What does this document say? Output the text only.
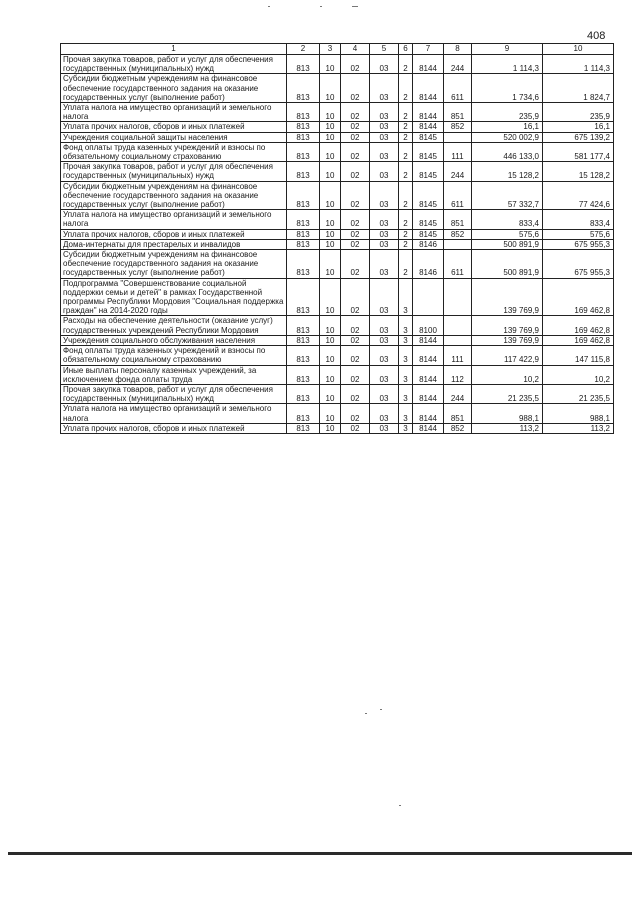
408
1	2	3	4	5	6	7	8	9	10
Прочая закупка товаров, работ и услуг для обеспечения государственных (муниципальных) нужд	813	10	02	03	2	8144	244	1 114,3	1 114,3
Субсидии бюджетным учреждениям на финансовое обеспечение государственного задания на оказание государственных услуг (выполнение работ)	813	10	02	03	2	8144	611	1 734,6	1 824,7
Уплата налога на имущество организаций и земельного налога	813	10	02	03	2	8144	851	235,9	235,9
Уплата прочих налогов, сборов и иных платежей	813	10	02	03	2	8144	852	16,1	16,1
Учреждения социальной защиты населения	813	10	02	03	2	8145		520 002,9	675 139,2
Фонд оплаты труда казенных учреждений и взносы по обязательному социальному страхованию	813	10	02	03	2	8145	111	446 133,0	581 177,4
Прочая закупка товаров, работ и услуг для обеспечения государственных (муниципальных) нужд	813	10	02	03	2	8145	244	15 128,2	15 128,2
Субсидии бюджетным учреждениям на финансовое обеспечение государственного задания на оказание государственных услуг (выполнение работ)	813	10	02	03	2	8145	611	57 332,7	77 424,6
Уплата налога на имущество организаций и земельного налога	813	10	02	03	2	8145	851	833,4	833,4
Уплата прочих налогов, сборов и иных платежей	813	10	02	03	2	8145	852	575,6	575,6
Дома-интернаты для престарелых и инвалидов	813	10	02	03	2	8146		500 891,9	675 955,3
Субсидии бюджетным учреждениям на финансовое обеспечение государственного задания на оказание государственных услуг (выполнение работ)	813	10	02	03	2	8146	611	500 891,9	675 955,3
Подпрограмма "Совершенствование социальной поддержки семьи и детей" в рамках Государственной программы Республики Мордовия "Социальная поддержка граждан" на 2014-2020 годы	813	10	02	03	3			139 769,9	169 462,8
Расходы на обеспечение деятельности (оказание услуг) государственных учреждений Республики Мордовия	813	10	02	03	3	8100		139 769,9	169 462,8
Учреждения социального обслуживания населения	813	10	02	03	3	8144		139 769,9	169 462,8
Фонд оплаты труда казенных учреждений и взносы по обязательному социальному страхованию	813	10	02	03	3	8144	111	117 422,9	147 115,8
Иные выплаты персоналу казенных учреждений, за исключением фонда оплаты труда	813	10	02	03	3	8144	112	10,2	10,2
Прочая закупка товаров, работ и услуг для обеспечения государственных (муниципальных) нужд	813	10	02	03	3	8144	244	21 235,5	21 235,5
Уплата налога на имущество организаций и земельного налога	813	10	02	03	3	8144	851	988,1	988,1
Уплата прочих налогов, сборов и иных платежей	813	10	02	03	3	8144	852	113,2	113,2
